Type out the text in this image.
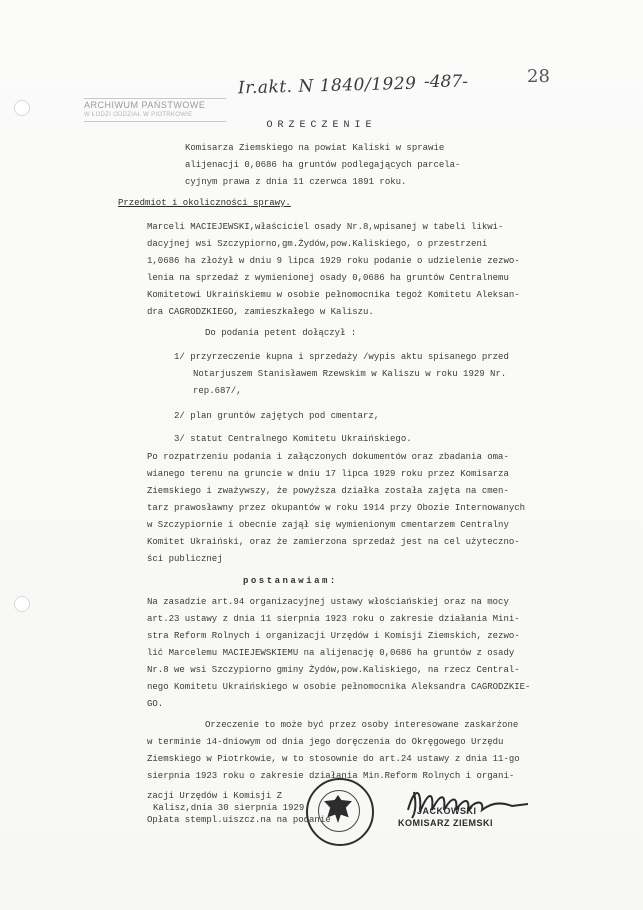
Ir.akt. N 1840/1929 -487-	28
ARCHIWUM PAŃSTWOWE
W ŁODZI ODDZIAŁ W PIOTRKOWIE
ORZECZENIE
Komisarza Ziemskiego na powiat Kaliski w sprawie
alijenacji 0,0686 ha gruntów podlegających parcela-
cyjnym prawa z dnia 11 czerwca 1891 roku.
Przedmiot i okoliczności sprawy.
Marceli MACIEJEWSKI,właściciel osady Nr.8,wpisanej w tabeli likwi-
dacyjnej wsi Szczypiorno,gm.Żydów,pow.Kaliskiego, o przestrzeni
1,0686 ha złożył w dniu 9 lipca 1929 roku podanie o udzielenie zezwo-
lenia na sprzedaż z wymienionej osady 0,0686 ha gruntów Centralnemu
Komitetowi Ukraińskiemu w osobie pełnomocnika tegoż Komitetu Aleksan-
dra CAGRODZKIEGO, zamieszkałego w Kaliszu.
Do podania petent dołączył :
1/ przyrzeczenie kupna i sprzedaży /wypis aktu spisanego przed
Notarjuszem Stanisławem Rzewskim w Kaliszu w roku 1929 Nr.
rep.687/,
2/ plan gruntów zajętych pod cmentarz,
3/ statut Centralnego Komitetu Ukraińskiego.
Po rozpatrzeniu podania i załączonych dokumentów oraz zbadania oma-
wianego terenu na gruncie w dniu 17 lipca 1929 roku przez Komisarza
Ziemskiego i zważywszy, że powyższa działka została zajęta na cmen-
tarz prawosławny przez okupantów w roku 1914 przy Obozie Internowanych
w Szczypiornie i obecnie zajął się wymienionym cmentarzem Centralny
Komitet Ukraiński, oraz że zamierzona sprzedaż jest na cel użyteczno-
ści publicznej
postanawiam:
Na zasadzie art.94 organizacyjnej ustawy włościańskiej oraz na mocy
art.23 ustawy z dnia 11 sierpnia 1923 roku o zakresie działania Mini-
stra Reform Rolnych i organizacji Urzędów i Komisji Ziemskich, zezwo-
lić Marcelemu MACIEJEWSKIEMU na alijenację 0,0686 ha gruntów z osady
Nr.8 we wsi Szczypiorno gminy Żydów,pow.Kaliskiego, na rzecz Central-
nego Komitetu Ukraińskiego w osobie pełnomocnika Aleksandra CAGRODZKIE-
GO.
Orzeczenie to może być przez osoby interesowane zaskarżone
w terminie 14-dniowym od dnia jego doręczenia do Okręgowego Urzędu
Ziemskiego w Piotrkowie, w to stosownie do art.24 ustawy z dnia 11-go
sierpnia 1923 roku o zakresie działania Min.Reform Rolnych i organi-
zacji Urzędów i Komisji Z
Kalisz,dnia 30 sierpnia 1929
Opłata stempl.uiszcz.na na podanie
JACKOWSKI
KOMISARZ ZIEMSKI
